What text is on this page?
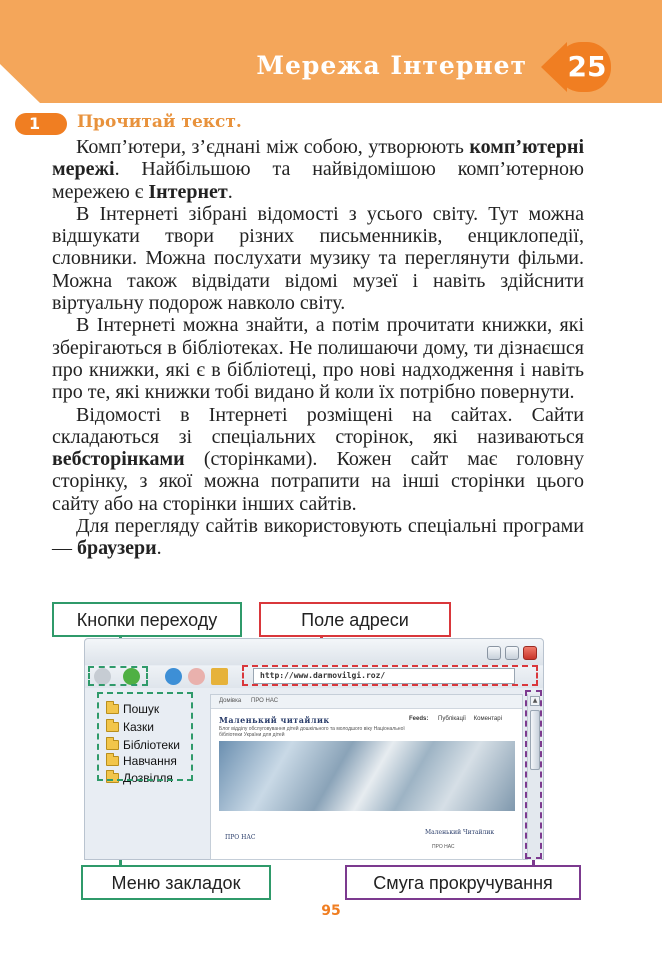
Мережа Інтернет 25
1 Прочитай текст.

Комп’ютери, з’єднані між собою, утворюють комп’ютерні мережі. Найбільшою та найвідомішою комп’ютерною мережею є Інтернет.

В Інтернеті зібрані відомості з усього світу. Тут можна відшукати твори різних письменників, енциклопедії, словники. Можна послухати музику та переглянути фільми. Можна також відвідати відомі музеї і навіть здійснити віртуальну подорож навколо світу.

В Інтернеті можна знайти, а потім прочитати книжки, які зберігаються в бібліотеках. Не полишаючи дому, ти дізнаєшся про книжки, які є в бібліотеці, про нові надходження і навіть про те, які книжки тобі видано й коли їх потрібно повернути.

Відомості в Інтернеті розміщені на сайтах. Сайти складаються зі спеціальних сторінок, які називаються вебсторінками (сторінками). Кожен сайт має головну сторінку, з якої можна потрапити на інші сторінки цього сайту або на сторінки інших сайтів.

Для перегляду сайтів використовують спеціальні програми — браузери.

http://www.darmovilgi.roz/
Пошук
Казки
Бібліотеки
Навчання
Дозвілля
Домівка ПРО НАС
Маленький читайлик
Блог відділу обслуговування дітей дошкільного та молодшого віку Національної бібліотеки України для дітей
Feeds: Публікації Коментарі
ПРО НАС
Маленький Читайлик
ПРО НАС
▲
Кнопки переходу	Поле адреси
Меню закладок	Смуга прокручування
95
